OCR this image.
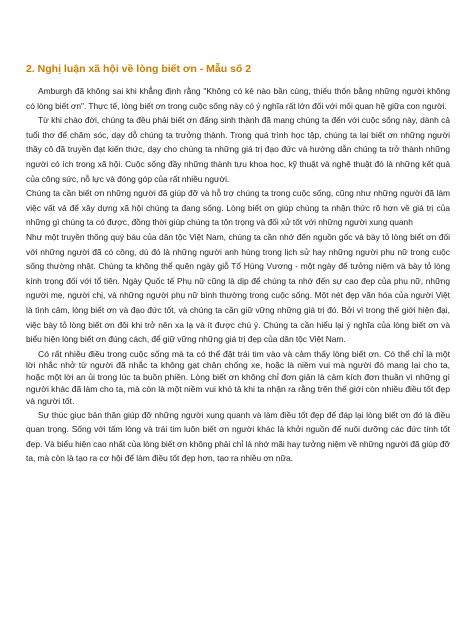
2. Nghị luận xã hội về lòng biết ơn - Mẫu số 2

Amburgh đã không sai khi khẳng định rằng "Không có kẻ nào bần cùng, thiếu thốn bằng những người không có lòng biết ơn". Thực tế, lòng biết ơn trong cuộc sống này có ý nghĩa rất lớn đối với mối quan hệ giữa con người.

Từ khi chào đời, chúng ta đều phải biết ơn đấng sinh thành đã mang chúng ta đến với cuộc sống này, dành cả tuổi thơ để chăm sóc, dạy dỗ chúng ta trưởng thành. Trong quá trình học tập, chúng ta lại biết ơn những người thầy cô đã truyền đạt kiến thức, dạy cho chúng ta những giá trị đạo đức và hướng dẫn chúng ta trở thành những người có ích trong xã hội. Cuộc sống đầy những thành tựu khoa học, kỹ thuật và nghệ thuật đó là những kết quả của công sức, nỗ lực và đóng góp của rất nhiều người.

Chúng ta cần biết ơn những người đã giúp đỡ và hỗ trợ chúng ta trong cuộc sống, cũng như những người đã làm việc vất vả để xây dựng xã hội chúng ta đang sống. Lòng biết ơn giúp chúng ta nhận thức rõ hơn về giá trị của những gì chúng ta có được, đồng thời giúp chúng ta tôn trọng và đối xử tốt với những người xung quanh

Như một truyền thống quý báu của dân tộc Việt Nam, chúng ta cần nhớ đến nguồn gốc và bày tỏ lòng biết ơn đối với những người đã có công, dù đó là những người anh hùng trong lịch sử hay những người phụ nữ trong cuộc sống thường nhật. Chúng ta không thể quên ngày giỗ Tổ Hùng Vương - một ngày để tưởng niệm và bày tỏ lòng kính trọng đối với tổ tiên. Ngày Quốc tế Phụ nữ cũng là dịp để chúng ta nhớ đến sự cao đẹp của phụ nữ, những người mẹ, người chị, và những người phụ nữ bình thường trong cuộc sống. Một nét đẹp văn hóa của người Việt là tình cảm, lòng biết ơn và đạo đức tốt, và chúng ta cần giữ vững những giá trị đó. Bởi vì trong thế giới hiện đại, việc bày tỏ lòng biết ơn đôi khi trở nên xa lạ và ít được chú ý. Chúng ta cần hiểu lại ý nghĩa của lòng biết ơn và biểu hiện lòng biết ơn đúng cách, để giữ vững những giá trị đẹp của dân tộc Việt Nam.

Có rất nhiều điều trong cuộc sống mà ta có thể đặt trái tim vào và cảm thấy lòng biết ơn. Có thể chỉ là một lời nhắc nhở từ người đã nhắc ta không gạt chân chống xe, hoặc là niềm vui mà người đó mang lại cho ta, hoặc một lời an ủi trong lúc ta buồn phiền. Lòng biết ơn không chỉ đơn giản là cảm kích đơn thuần vì những gì người khác đã làm cho ta, mà còn là một niềm vui khó tả khi ta nhận ra rằng trên thế giới còn nhiều điều tốt đẹp và người tốt.

Sự thúc giục bản thân giúp đỡ những người xung quanh và làm điều tốt đẹp để đáp lại lòng biết ơn đó là điều quan trọng. Sống với tấm lòng và trái tim luôn biết ơn người khác là khởi nguồn để nuôi dưỡng các đức tính tốt đẹp. Và biểu hiện cao nhất của lòng biết ơn không phải chỉ là nhớ mãi hay tưởng niệm về những người đã giúp đỡ ta, mà còn là tạo ra cơ hội để làm điều tốt đẹp hơn, tạo ra nhiều ơn nữa.
